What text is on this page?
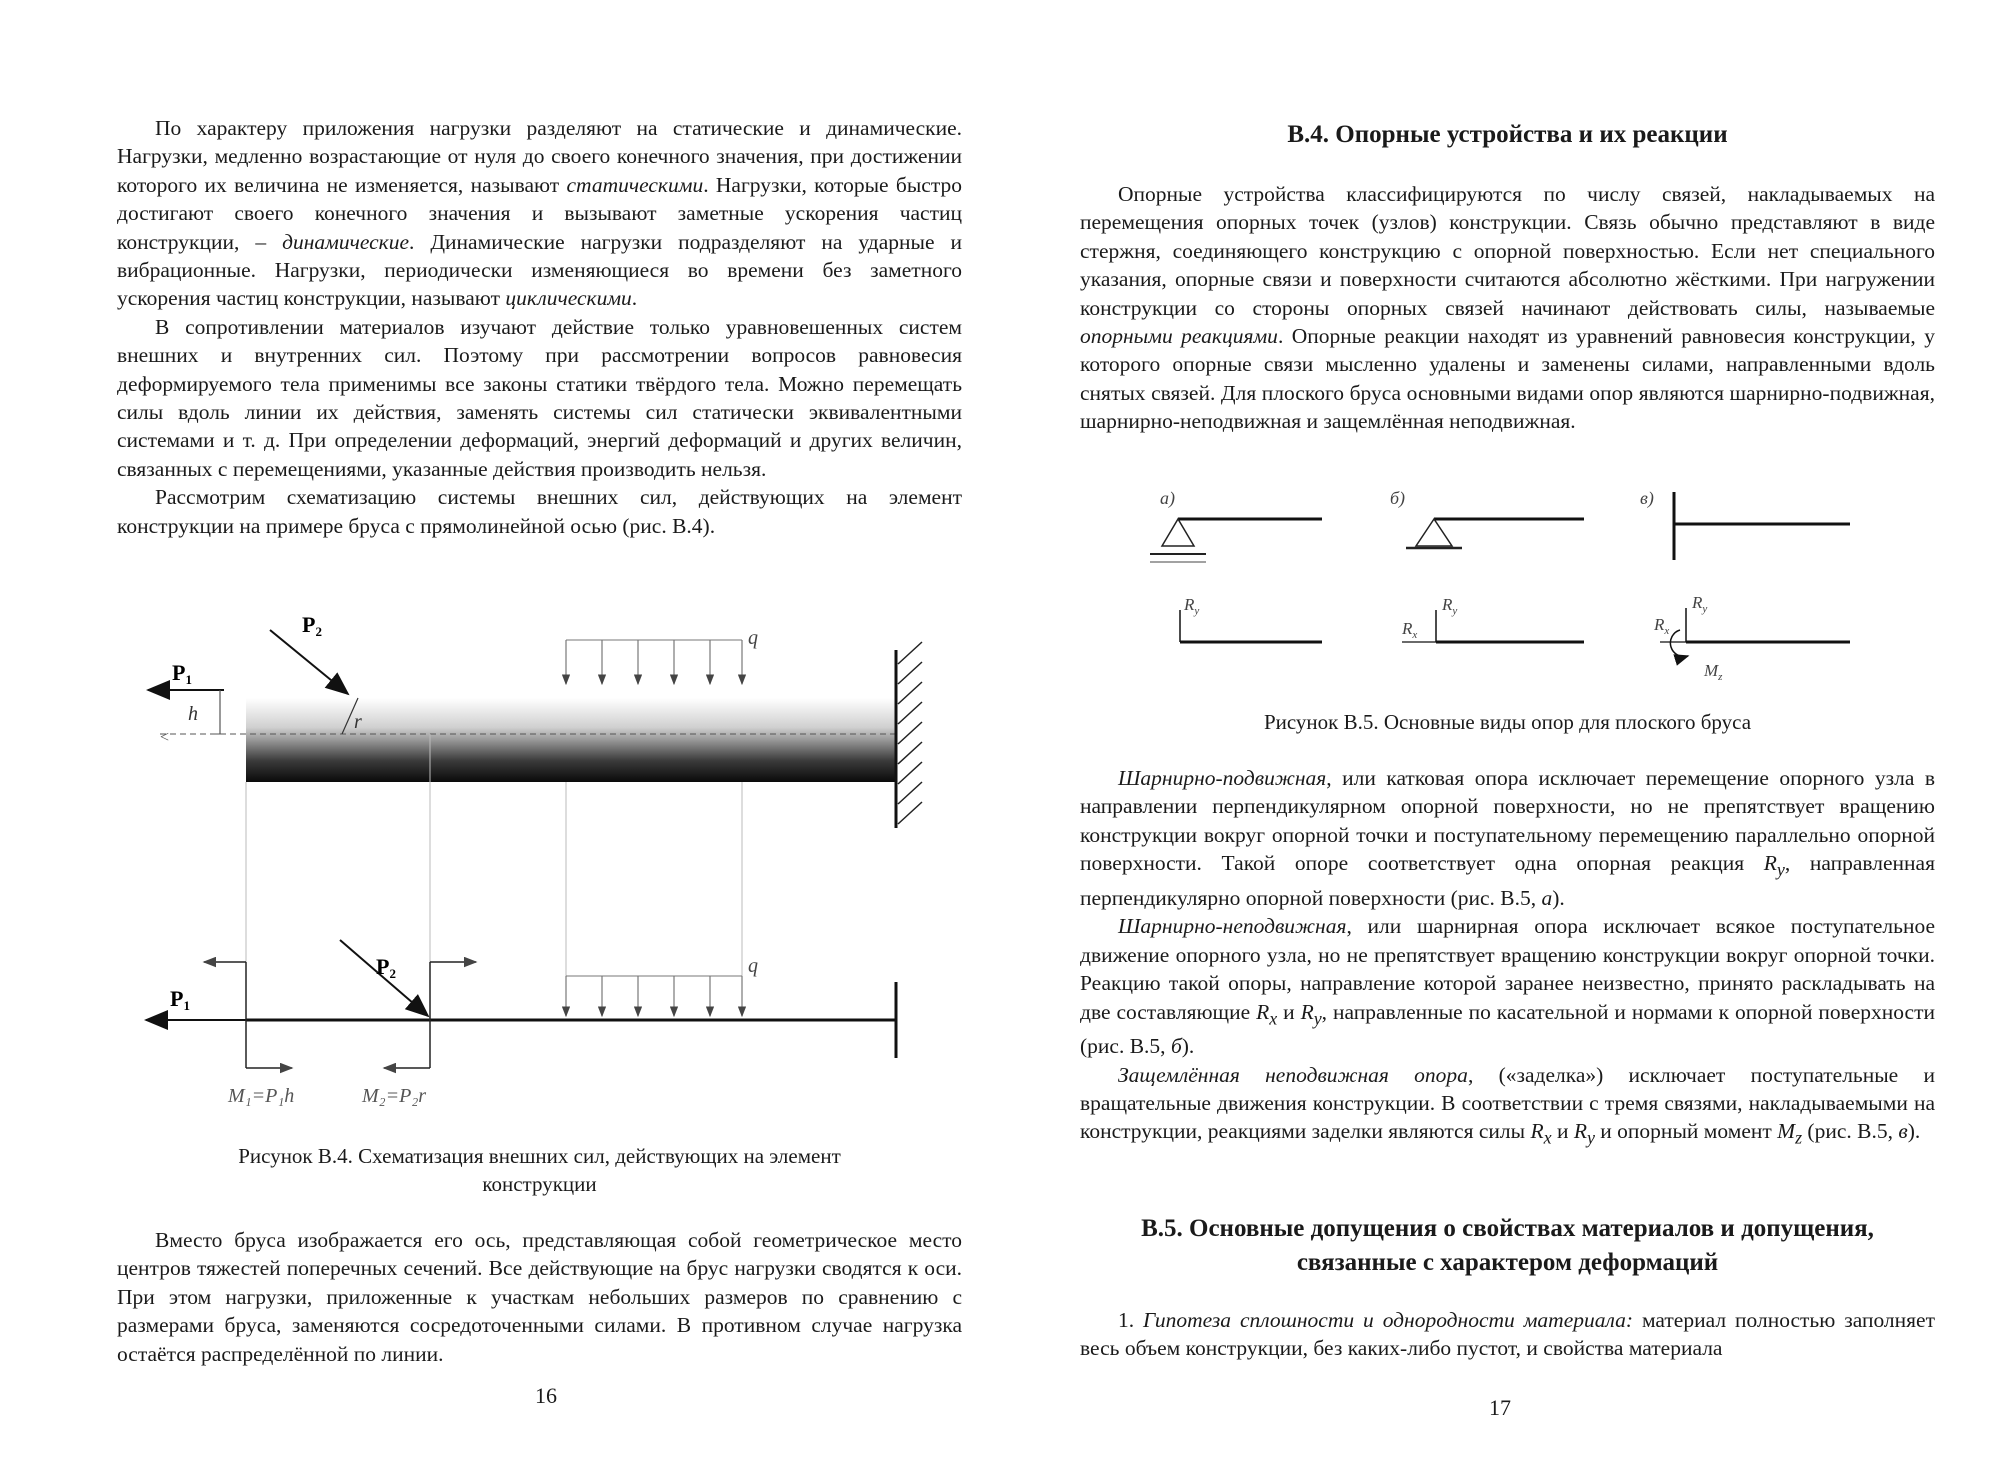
По характеру приложения нагрузки разделяют на статические и динамические. Нагрузки, медленно возрастающие от нуля до своего конечного значения, при достижении которого их величина не изменяется, называют статическими. Нагрузки, которые быстро достигают своего конечного значения и вызывают заметные ускорения частиц конструкции, – динамические. Динамические нагрузки подразделяют на ударные и вибрационные. Нагрузки, периодически изменяющиеся во времени без заметного ускорения частиц конструкции, называют циклическими.

В сопротивлении материалов изучают действие только уравновешенных систем внешних и внутренних сил. Поэтому при рассмотрении вопросов равновесия деформируемого тела применимы все законы статики твёрдого тела. Можно перемещать силы вдоль линии их действия, заменять системы сил статически эквивалентными системами и т. д. При определении деформаций, энергий деформаций и других величин, связанных с перемещениями, указанные действия производить нельзя.

Рассмотрим схематизацию системы внешних сил, действующих на элемент конструкции на примере бруса с прямолинейной осью (рис. В.4).

P1
h
<
P2
r
q
P1
M₁=P₁h
P2
M₂=P₂r
q
Рисунок В.4. Схематизация внешних сил, действующих на элемент
конструкции

Вместо бруса изображается его ось, представляющая собой геометрическое место центров тяжестей поперечных сечений. Все действующие на брус нагрузки сводятся к оси. При этом нагрузки, приложенные к участкам небольших размеров по сравнению с размерами бруса, заменяются сосредоточенными силами. В противном случае нагрузка остаётся распределённой по линии.

16
В.4. Опорные устройства и их реакции

Опорные устройства классифицируются по числу связей, накладываемых на перемещения опорных точек (узлов) конструкции. Связь обычно представляют в виде стержня, соединяющего конструкцию с опорной поверхностью. Если нет специального указания, опорные связи и поверхности считаются абсолютно жёсткими. При нагружении конструкции со стороны опорных связей начинают действовать силы, называемые опорными реакциями. Опорные реакции находят из уравнений равновесия конструкции, у которого опорные связи мысленно удалены и заменены силами, направленными вдоль снятых связей. Для плоского бруса основными видами опор являются шарнирно-подвижная, шарнирно-неподвижная и защемлённая неподвижная.

а)
$R_y$
б)
$R_y$
$R_x$
в)
$R_y$
$R_x$
$M_z$
Рисунок В.5. Основные виды опор для плоского бруса

Шарнирно-подвижная, или катковая опора исключает перемещение опорного узла в направлении перпендикулярном опорной поверхности, но не препятствует вращению конструкции вокруг опорной точки и поступательному перемещению параллельно опорной поверхности. Такой опоре соответствует одна опорная реакция $R_y$, направленная перпендикулярно опорной поверхности (рис. В.5, а).

Шарнирно-неподвижная, или шарнирная опора исключает всякое поступательное движение опорного узла, но не препятствует вращению конструкции вокруг опорной точки. Реакцию такой опоры, направление которой заранее неизвестно, принято раскладывать на две составляющие $R_x$ и $R_y$, направленные по касательной и нормами к опорной поверхности (рис. В.5, б).

Защемлённая неподвижная опора, («заделка») исключает поступательные и вращательные движения конструкции. В соответствии с тремя связями, накладываемыми на конструкции, реакциями заделки являются силы $R_x$ и $R_y$ и опорный момент $M_z$ (рис. В.5, в).

В.5. Основные допущения о свойствах материалов и допущения,
связанные с характером деформаций

1. Гипотеза сплошности и однородности материала: материал полностью заполняет весь объем конструкции, без каких-либо пустот, и свойства материала

17
